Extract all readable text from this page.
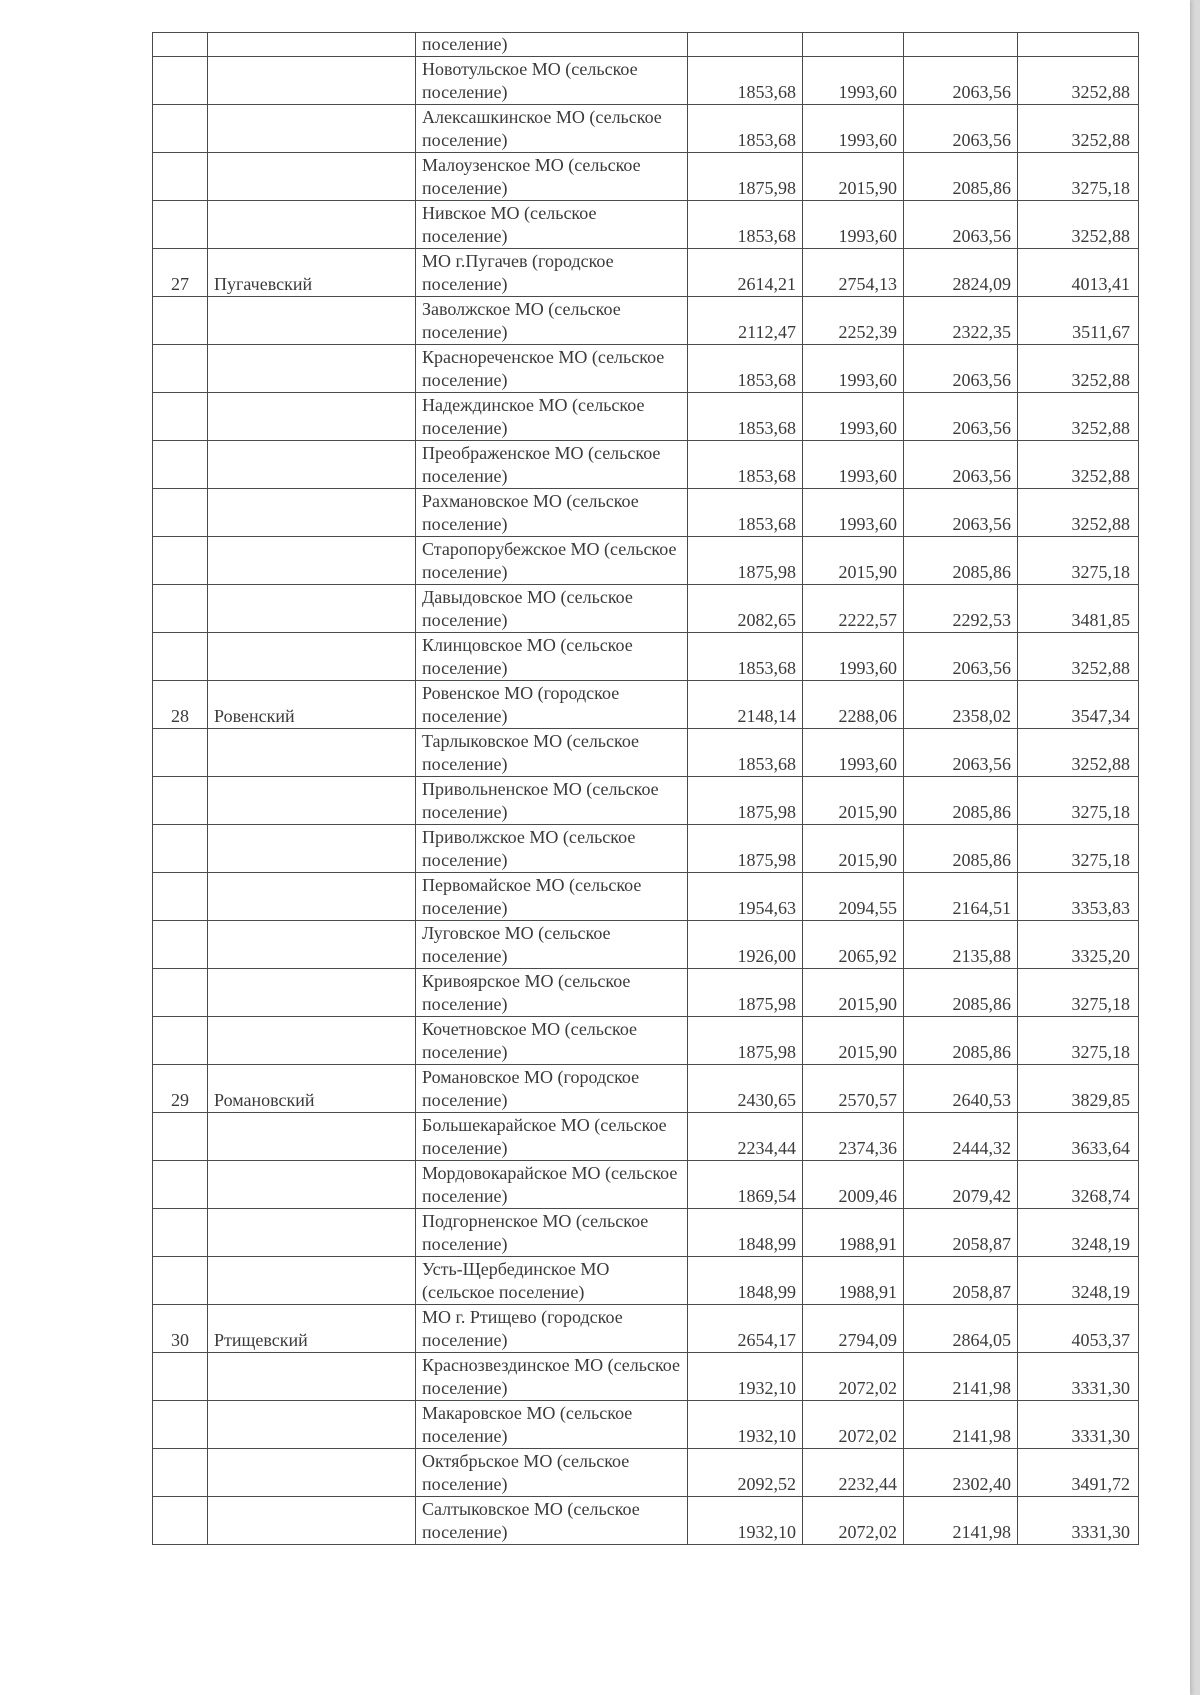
		поселение)				
		Новотульское МО (сельское поселение)	1853,68	1993,60	2063,56	3252,88
		Алексашкинское МО (сельское поселение)	1853,68	1993,60	2063,56	3252,88
		Малоузенское МО (сельское поселение)	1875,98	2015,90	2085,86	3275,18
		Нивское МО (сельское поселение)	1853,68	1993,60	2063,56	3252,88
27	Пугачевский	МО г.Пугачев (городское поселение)	2614,21	2754,13	2824,09	4013,41
		Заволжское МО (сельское поселение)	2112,47	2252,39	2322,35	3511,67
		Краснореченское МО (сельское поселение)	1853,68	1993,60	2063,56	3252,88
		Надеждинское МО (сельское поселение)	1853,68	1993,60	2063,56	3252,88
		Преображенское МО (сельское поселение)	1853,68	1993,60	2063,56	3252,88
		Рахмановское МО (сельское поселение)	1853,68	1993,60	2063,56	3252,88
		Старопорубежское МО (сельское поселение)	1875,98	2015,90	2085,86	3275,18
		Давыдовское МО (сельское поселение)	2082,65	2222,57	2292,53	3481,85
		Клинцовское МО (сельское поселение)	1853,68	1993,60	2063,56	3252,88
28	Ровенский	Ровенское МО (городское поселение)	2148,14	2288,06	2358,02	3547,34
		Тарлыковское МО (сельское поселение)	1853,68	1993,60	2063,56	3252,88
		Привольненское МО (сельское поселение)	1875,98	2015,90	2085,86	3275,18
		Приволжское МО (сельское поселение)	1875,98	2015,90	2085,86	3275,18
		Первомайское МО (сельское поселение)	1954,63	2094,55	2164,51	3353,83
		Луговское МО (сельское поселение)	1926,00	2065,92	2135,88	3325,20
		Кривоярское МО (сельское поселение)	1875,98	2015,90	2085,86	3275,18
		Кочетновское МО (сельское поселение)	1875,98	2015,90	2085,86	3275,18
29	Романовский	Романовское МО (городское поселение)	2430,65	2570,57	2640,53	3829,85
		Большекарайское МО (сельское поселение)	2234,44	2374,36	2444,32	3633,64
		Мордовокарайское МО (сельское поселение)	1869,54	2009,46	2079,42	3268,74
		Подгорненское МО (сельское поселение)	1848,99	1988,91	2058,87	3248,19
		Усть-Щербединское МО (сельское поселение)	1848,99	1988,91	2058,87	3248,19
30	Ртищевский	МО г. Ртищево (городское поселение)	2654,17	2794,09	2864,05	4053,37
		Краснозвездинское МО (сельское поселение)	1932,10	2072,02	2141,98	3331,30
		Макаровское МО (сельское поселение)	1932,10	2072,02	2141,98	3331,30
		Октябрьское МО (сельское поселение)	2092,52	2232,44	2302,40	3491,72
		Салтыковское МО (сельское поселение)	1932,10	2072,02	2141,98	3331,30
